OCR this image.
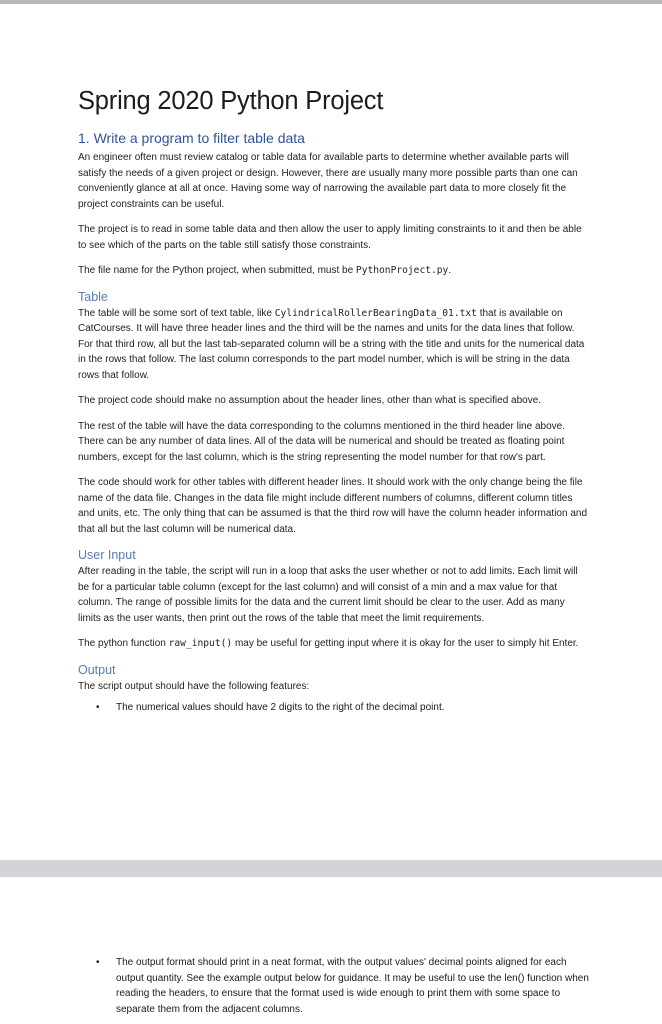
Spring 2020 Python Project
1. Write a program to filter table data

An engineer often must review catalog or table data for available parts to determine whether available parts will satisfy the needs of a given project or design. However, there are usually many more possible parts than one can conveniently glance at all at once. Having some way of narrowing the available part data to more closely fit the project constraints can be useful.

The project is to read in some table data and then allow the user to apply limiting constraints to it and then be able to see which of the parts on the table still satisfy those constraints.

The file name for the Python project, when submitted, must be PythonProject.py.

Table

The table will be some sort of text table, like CylindricalRollerBearingData_01.txt that is available on CatCourses. It will have three header lines and the third will be the names and units for the data lines that follow. For that third row, all but the last tab-separated column will be a string with the title and units for the numerical data in the rows that follow. The last column corresponds to the part model number, which is will be string in the data rows that follow.

The project code should make no assumption about the header lines, other than what is specified above.

The rest of the table will have the data corresponding to the columns mentioned in the third header line above. There can be any number of data lines. All of the data will be numerical and should be treated as floating point numbers, except for the last column, which is the string representing the model number for that row's part.

The code should work for other tables with different header lines. It should work with the only change being the file name of the data file. Changes in the data file might include different numbers of columns, different column titles and units, etc. The only thing that can be assumed is that the third row will have the column header information and that all but the last column will be numerical data.

User Input

After reading in the table, the script will run in a loop that asks the user whether or not to add limits. Each limit will be for a particular table column (except for the last column) and will consist of a min and a max value for that column. The range of possible limits for the data and the current limit should be clear to the user. Add as many limits as the user wants, then print out the rows of the table that meet the limit requirements.

The python function raw_input() may be useful for getting input where it is okay for the user to simply hit Enter.

Output

The script output should have the following features:

• The numerical values should have 2 digits to the right of the decimal point.
• The output format should print in a neat format, with the output values' decimal points aligned for each output quantity. See the example output below for guidance. It may be useful to use the len() function when reading the headers, to ensure that the format used is wide enough to print them with some space to separate them from the adjacent columns.
